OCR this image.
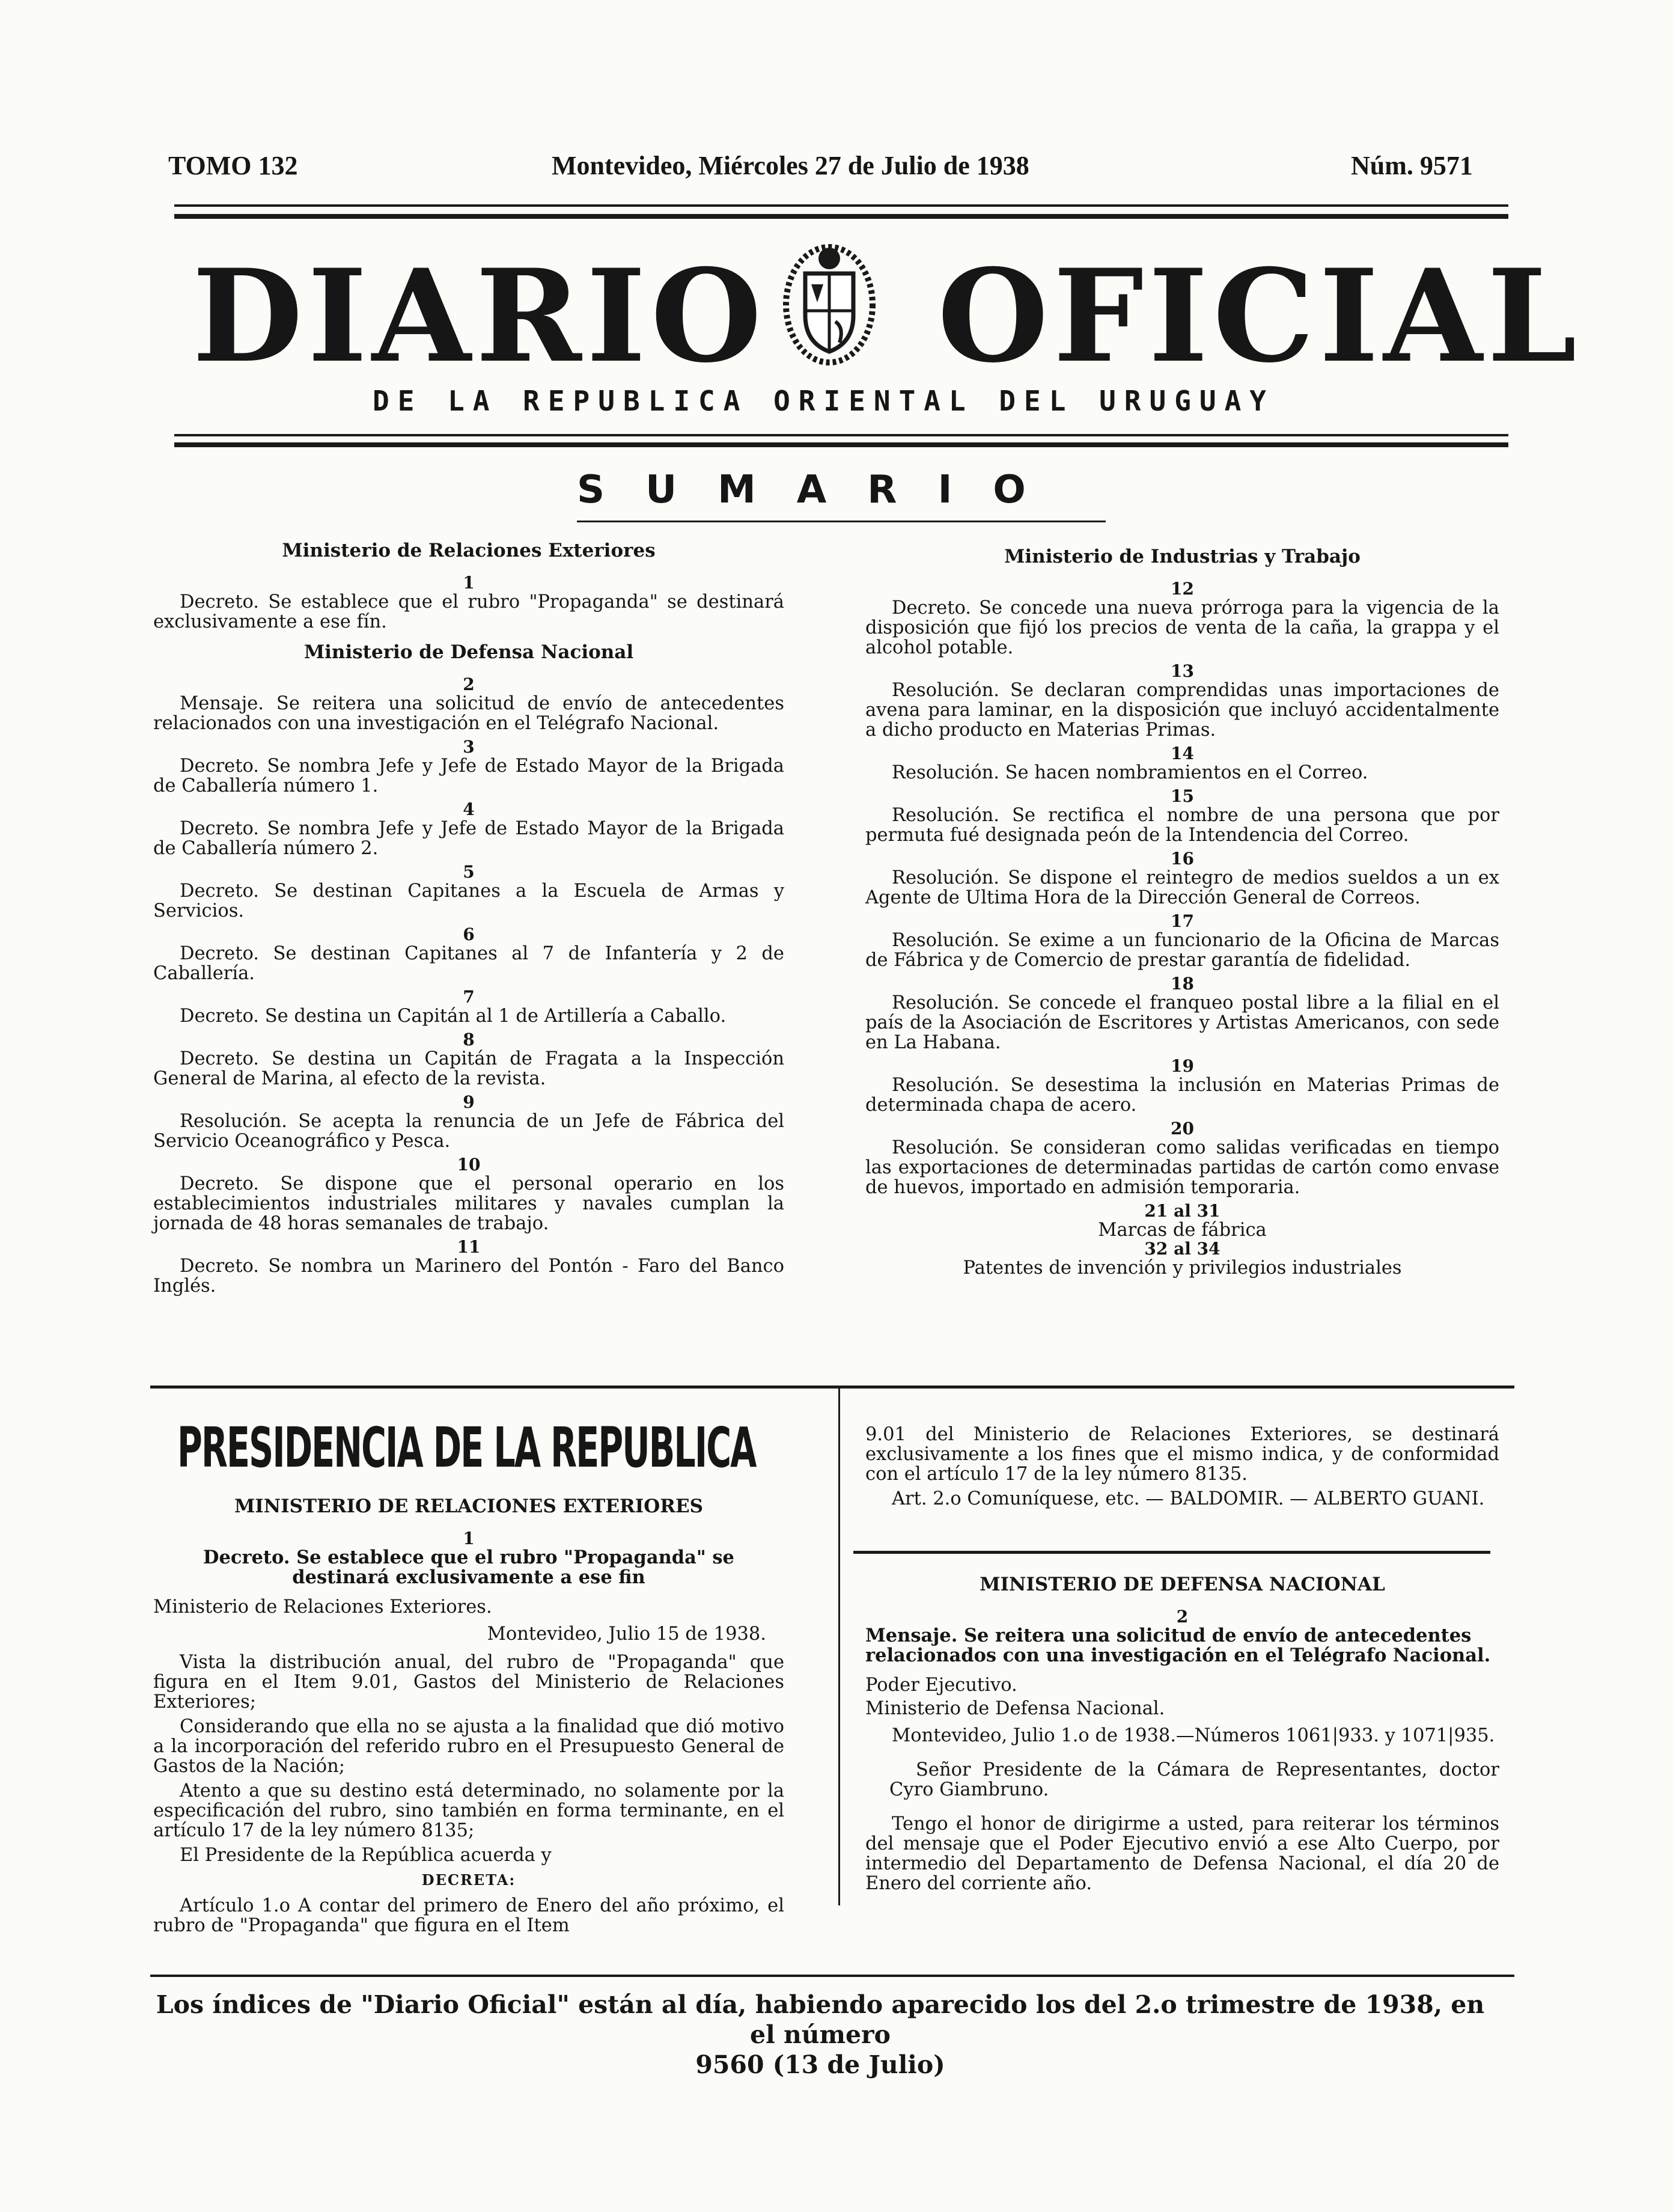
TOMO 132	Montevideo, Miércoles 27 de Julio de 1938	Núm. 9571
DIARIO OFICIAL
DE LA REPUBLICA ORIENTAL DEL URUGUAY
SUMARIO
Ministerio de Relaciones Exteriores
1

Decreto. Se establece que el rubro "Propaganda" se destinará exclusivamente a ese fín.

Ministerio de Defensa Nacional
2

Mensaje. Se reitera una solicitud de envío de antecedentes relacionados con una investigación en el Telégrafo Nacional.

3

Decreto. Se nombra Jefe y Jefe de Estado Mayor de la Brigada de Caballería número 1.

4

Decreto. Se nombra Jefe y Jefe de Estado Mayor de la Brigada de Caballería número 2.

5

Decreto. Se destinan Capitanes a la Escuela de Armas y Servicios.

6

Decreto. Se destinan Capitanes al 7 de Infantería y 2 de Caballería.

7

Decreto. Se destina un Capitán al 1 de Artillería a Caballo.

8

Decreto. Se destina un Capitán de Fragata a la Inspección General de Marina, al efecto de la revista.

9

Resolución. Se acepta la renuncia de un Jefe de Fábrica del Servicio Oceanográfico y Pesca.

10

Decreto. Se dispone que el personal operario en los establecimientos industriales militares y navales cumplan la jornada de 48 horas semanales de trabajo.

11

Decreto. Se nombra un Marinero del Pontón - Faro del Banco Inglés.

Ministerio de Industrias y Trabajo
12

Decreto. Se concede una nueva prórroga para la vigencia de la disposición que fijó los precios de venta de la caña, la grappa y el alcohol potable.

13

Resolución. Se declaran comprendidas unas importaciones de avena para laminar, en la disposición que incluyó accidentalmente a dicho producto en Materias Primas.

14

Resolución. Se hacen nombramientos en el Correo.

15

Resolución. Se rectifica el nombre de una persona que por permuta fué designada peón de la Intendencia del Correo.

16

Resolución. Se dispone el reintegro de medios sueldos a un ex Agente de Ultima Hora de la Dirección General de Correos.

17

Resolución. Se exime a un funcionario de la Oficina de Marcas de Fábrica y de Comercio de prestar garantía de fidelidad.

18

Resolución. Se concede el franqueo postal libre a la filial en el país de la Asociación de Escritores y Artistas Americanos, con sede en La Habana.

19

Resolución. Se desestima la inclusión en Materias Primas de determinada chapa de acero.

20

Resolución. Se consideran como salidas verificadas en tiempo las exportaciones de determinadas partidas de cartón como envase de huevos, importado en admisión temporaria.

21 al 31
Marcas de fábrica
32 al 34
Patentes de invención y privilegios industriales
PRESIDENCIA DE LA REPUBLICA
MINISTERIO DE RELACIONES EXTERIORES
1
Decreto. Se establece que el rubro "Propaganda" se destinará exclusivamente a ese fin
Ministerio de Relaciones Exteriores.
Montevideo, Julio 15 de 1938.

Vista la distribución anual, del rubro de "Propaganda" que figura en el Item 9.01, Gastos del Ministerio de Relaciones Exteriores;

Considerando que ella no se ajusta a la finalidad que dió motivo a la incorporación del referido rubro en el Presupuesto General de Gastos de la Nación;

Atento a que su destino está determinado, no solamente por la especificación del rubro, sino también en forma terminante, en el artículo 17 de la ley número 8135;

El Presidente de la República acuerda y

DECRETA:

Artículo 1.o A contar del primero de Enero del año próximo, el rubro de "Propaganda" que figura en el Item

9.01 del Ministerio de Relaciones Exteriores, se destinará exclusivamente a los fines que el mismo indica, y de conformidad con el artículo 17 de la ley número 8135.

Art. 2.o Comuníquese, etc. — BALDOMIR. — ALBERTO GUANI.

MINISTERIO DE DEFENSA NACIONAL
2
Mensaje. Se reitera una solicitud de envío de antecedentes relacionados con una investigación en el Telégrafo Nacional.
Poder Ejecutivo.
Ministerio de Defensa Nacional.

Montevideo, Julio 1.o de 1938.—Números 1061|933. y 1071|935.

Señor Presidente de la Cámara de Representantes, doctor Cyro Giambruno.

Tengo el honor de dirigirme a usted, para reiterar los términos del mensaje que el Poder Ejecutivo envió a ese Alto Cuerpo, por intermedio del Departamento de Defensa Nacional, el día 20 de Enero del corriente año.

Los índices de "Diario Oficial" están al día, habiendo aparecido los del 2.o trimestre de 1938, en el número
9560 (13 de Julio)
